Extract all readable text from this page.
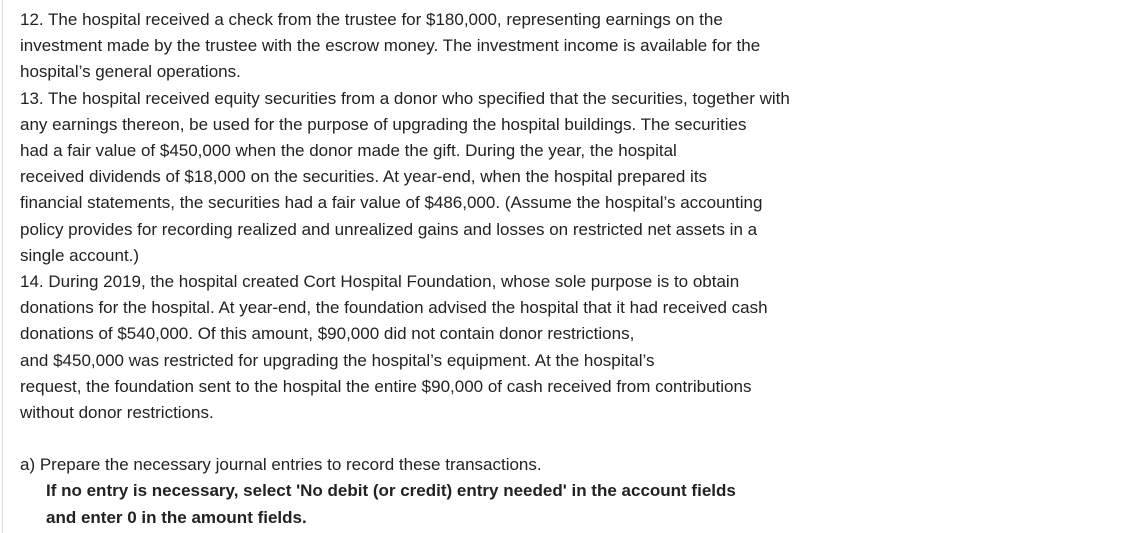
12. The hospital received a check from the trustee for $180,000, representing earnings on the
investment made by the trustee with the escrow money. The investment income is available for the
hospital’s general operations.
13. The hospital received equity securities from a donor who specified that the securities, together with
any earnings thereon, be used for the purpose of upgrading the hospital buildings. The securities
had a fair value of $450,000 when the donor made the gift. During the year, the hospital
received dividends of $18,000 on the securities. At year-end, when the hospital prepared its
financial statements, the securities had a fair value of $486,000. (Assume the hospital’s accounting
policy provides for recording realized and unrealized gains and losses on restricted net assets in a
single account.)
14. During 2019, the hospital created Cort Hospital Foundation, whose sole purpose is to obtain
donations for the hospital. At year-end, the foundation advised the hospital that it had received cash
donations of $540,000. Of this amount, $90,000 did not contain donor restrictions,
and $450,000 was restricted for upgrading the hospital’s equipment. At the hospital’s
request, the foundation sent to the hospital the entire $90,000 of cash received from contributions
without donor restrictions.
a) Prepare the necessary journal entries to record these transactions.
If no entry is necessary, select 'No debit (or credit) entry needed' in the account fields
and enter 0 in the amount fields.
